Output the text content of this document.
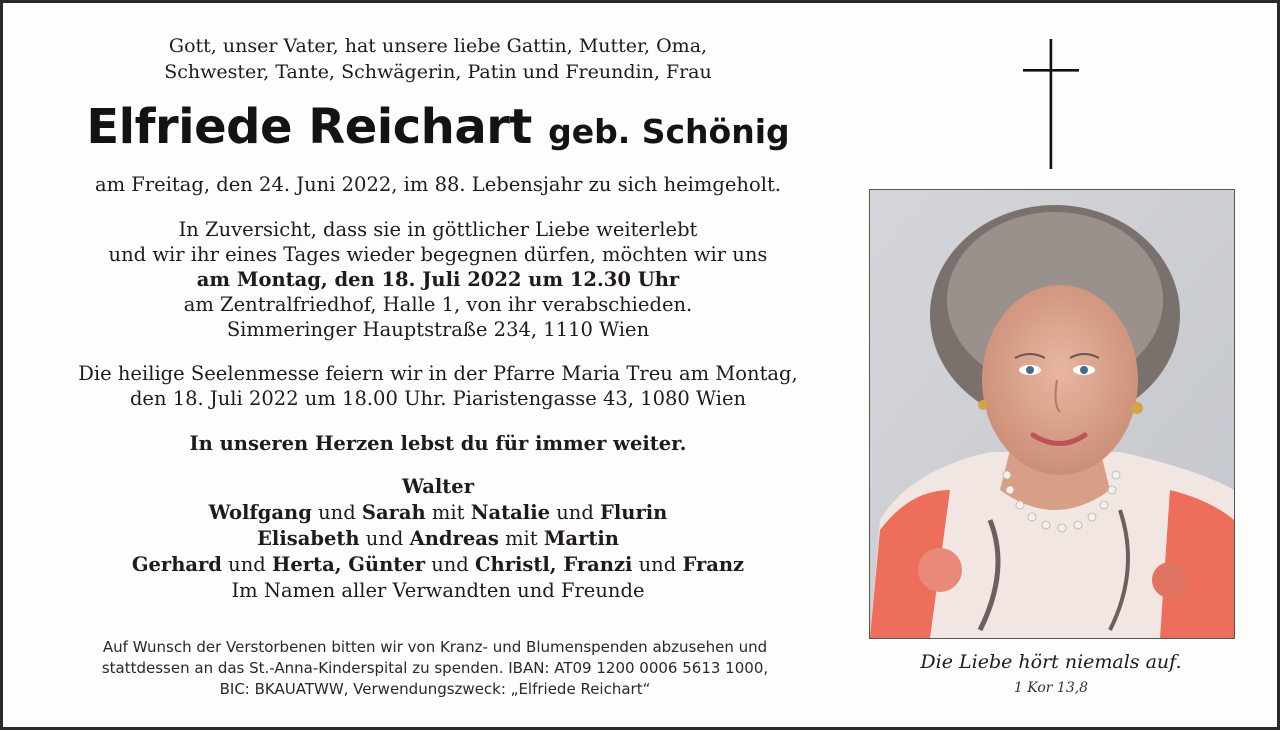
Gott, unser Vater, hat unsere liebe Gattin, Mutter, Oma,
Schwester, Tante, Schwägerin, Patin und Freundin, Frau
Elfriede Reichart geb. Schönig
am Freitag, den 24. Juni 2022, im 88. Lebensjahr zu sich heimgeholt.
In Zuversicht, dass sie in göttlicher Liebe weiterlebt
und wir ihr eines Tages wieder begegnen dürfen, möchten wir uns
am Montag, den 18. Juli 2022 um 12.30 Uhr
am Zentralfriedhof, Halle 1, von ihr verabschieden.
Simmeringer Hauptstraße 234, 1110 Wien
Die heilige Seelenmesse feiern wir in der Pfarre Maria Treu am Montag,
den 18. Juli 2022 um 18.00 Uhr. Piaristengasse 43, 1080 Wien
In unseren Herzen lebst du für immer weiter.
Walter
Wolfgang und Sarah mit Natalie und Flurin
Elisabeth und Andreas mit Martin
Gerhard und Herta, Günter und Christl, Franzi und Franz
Im Namen aller Verwandten und Freunde
Auf Wunsch der Verstorbenen bitten wir von Kranz- und Blumenspenden abzusehen und
stattdessen an das St.-Anna-Kinderspital zu spenden. IBAN: AT09 1200 0006 5613 1000,
BIC: BKAUATWW, Verwendungszweck: „Elfriede Reichart“
Die Liebe hört niemals auf.
1 Kor 13,8
